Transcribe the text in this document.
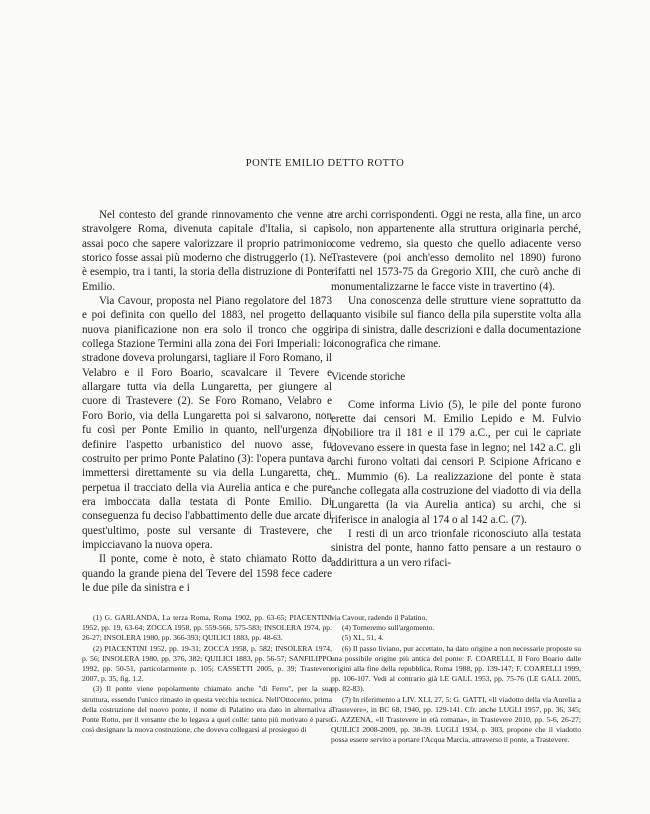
PONTE EMILIO DETTO ROTTO

Nel contesto del grande rinnovamento che venne a stravolgere Roma, divenuta capitale d'Italia, si capì assai poco che sapere valorizzare il proprio patrimonio storico fosse assai più moderno che distruggerlo (1). Ne è esempio, tra i tanti, la storia della distruzione di Ponte Emilio.

Via Cavour, proposta nel Piano regolatore del 1873 e poi definita con quello del 1883, nel progetto della nuova pianificazione non era solo il tronco che oggi collega Stazione Termini alla zona dei Fori Imperiali: lo stradone doveva prolungarsi, tagliare il Foro Romano, il Velabro e il Foro Boario, scavalcare il Tevere e allargare tutta via della Lungaretta, per giungere al cuore di Trastevere (2). Se Foro Romano, Velabro e Foro Borio, via della Lungaretta poi si salvarono, non fu così per Ponte Emilio in quanto, nell'urgenza di definire l'aspetto urbanistico del nuovo asse, fu costruito per primo Ponte Palatino (3): l'opera puntava a immettersi direttamente su via della Lungaretta, che perpetua il tracciato della via Aurelia antica e che pure era imboccata dalla testata di Ponte Emilio. Di conseguenza fu deciso l'abbattimento delle due arcate di quest'ultimo, poste sul versante di Trastevere, che impicciavano la nuova opera.

Il ponte, come è noto, è stato chiamato Rotto da quando la grande piena del Tevere del 1598 fece cadere le due pile da sinistra e i

tre archi corrispondenti. Oggi ne resta, alla fine, un arco solo, non appartenente alla struttura originaria perché, come vedremo, sia questo che quello adiacente verso Trastevere (poi anch'esso demolito nel 1890) furono rifatti nel 1573-75 da Gregorio XIII, che curò anche di monumentalizzarne le facce viste in travertino (4).

Una conoscenza delle strutture viene soprattutto da quanto visibile sul fianco della pila superstite volta alla ripa di sinistra, dalle descrizioni e dalla documentazione iconografica che rimane.

Vicende storiche

Come informa Livio (5), le pile del ponte furono erette dai censori M. Emilio Lepido e M. Fulvio Nobiliore tra il 181 e il 179 a.C., per cui le capriate dovevano essere in questa fase in legno; nel 142 a.C. gli archi furono voltati dai censori P. Scipione Africano e L. Mummio (6). La realizzazione del ponte è stata anche collegata alla costruzione del viadotto di via della Lungaretta (la via Aurelia antica) su archi, che si riferisce in analogia al 174 o al 142 a.C. (7).

I resti di un arco trionfale riconosciuto alla testata sinistra del ponte, hanno fatto pensare a un restauro o addirittura a un vero rifaci-

(1) G. GARLANDA, La terza Roma, Roma 1902, pp. 63-65; PIACENTINI 1952, pp. 19, 63-64; ZOCCA 1958, pp. 559-566, 575-583; INSOLERA 1974, pp. 26-27; INSOLERA 1980, pp. 366-393; QUILICI 1883, pp. 48-63.

(2) PIACENTINI 1952, pp. 19-31; ZOCCA 1958, p. 582; INSOLERA 1974, p. 56; INSOLERA 1980, pp. 376, 382; QUILICI 1883, pp. 56-57; SANFILIPPO 1992, pp. 50-51, particolarmente p. 105; CASSETTI 2005, p. 39; Trastevere 2007, p. 35, fig. 1.2.

(3) Il ponte viene popolarmente chiamato anche "di Ferro", per la sua struttura, essendo l'unico rimasto in questa vecchia tecnica. Nell'Ottocento, prima della costruzione del nuovo ponte, il nome di Palatino era dato in alternativa a Ponte Rotto, per il versante che lo legava a quel colle: tanto più motivato è parso così designare la nuova costruzione, che doveva collegarsi al prosieguo di

via Cavour, radendo il Palatino.

(4) Torneremo sull'argomento.

(5) XL, 51, 4.

(6) Il passo liviano, pur accettato, ha dato origine a non necessarie proposte su una possibile origine più antica del ponte: F. COARELLI, Il Foro Boario dalle origini alla fine della repubblica, Roma 1988, pp. 139-147; F. COARELLI 1999, pp. 106-107. Vedi al contrario già LE GALL 1953, pp. 75-76 (LE GALL 2005, pp. 82-83).

(7) In riferimento a LIV. XLI, 27, 5: G. GATTI, «Il viadotto della via Aurelia a Trastevere», in BC 68, 1940, pp. 129-141. Cfr. anche LUGLI 1957, pp. 36, 345; G. AZZENA, «Il Trastevere in età romana», in Trastevere 2010, pp. 5-6, 26-27; QUILICI 2008-2009, pp. 38-39. LUGLI 1934, p. 303, propone che il viadotto possa essere servito a portare l'Acqua Marcia, attraverso il ponte, a Trastevere.
